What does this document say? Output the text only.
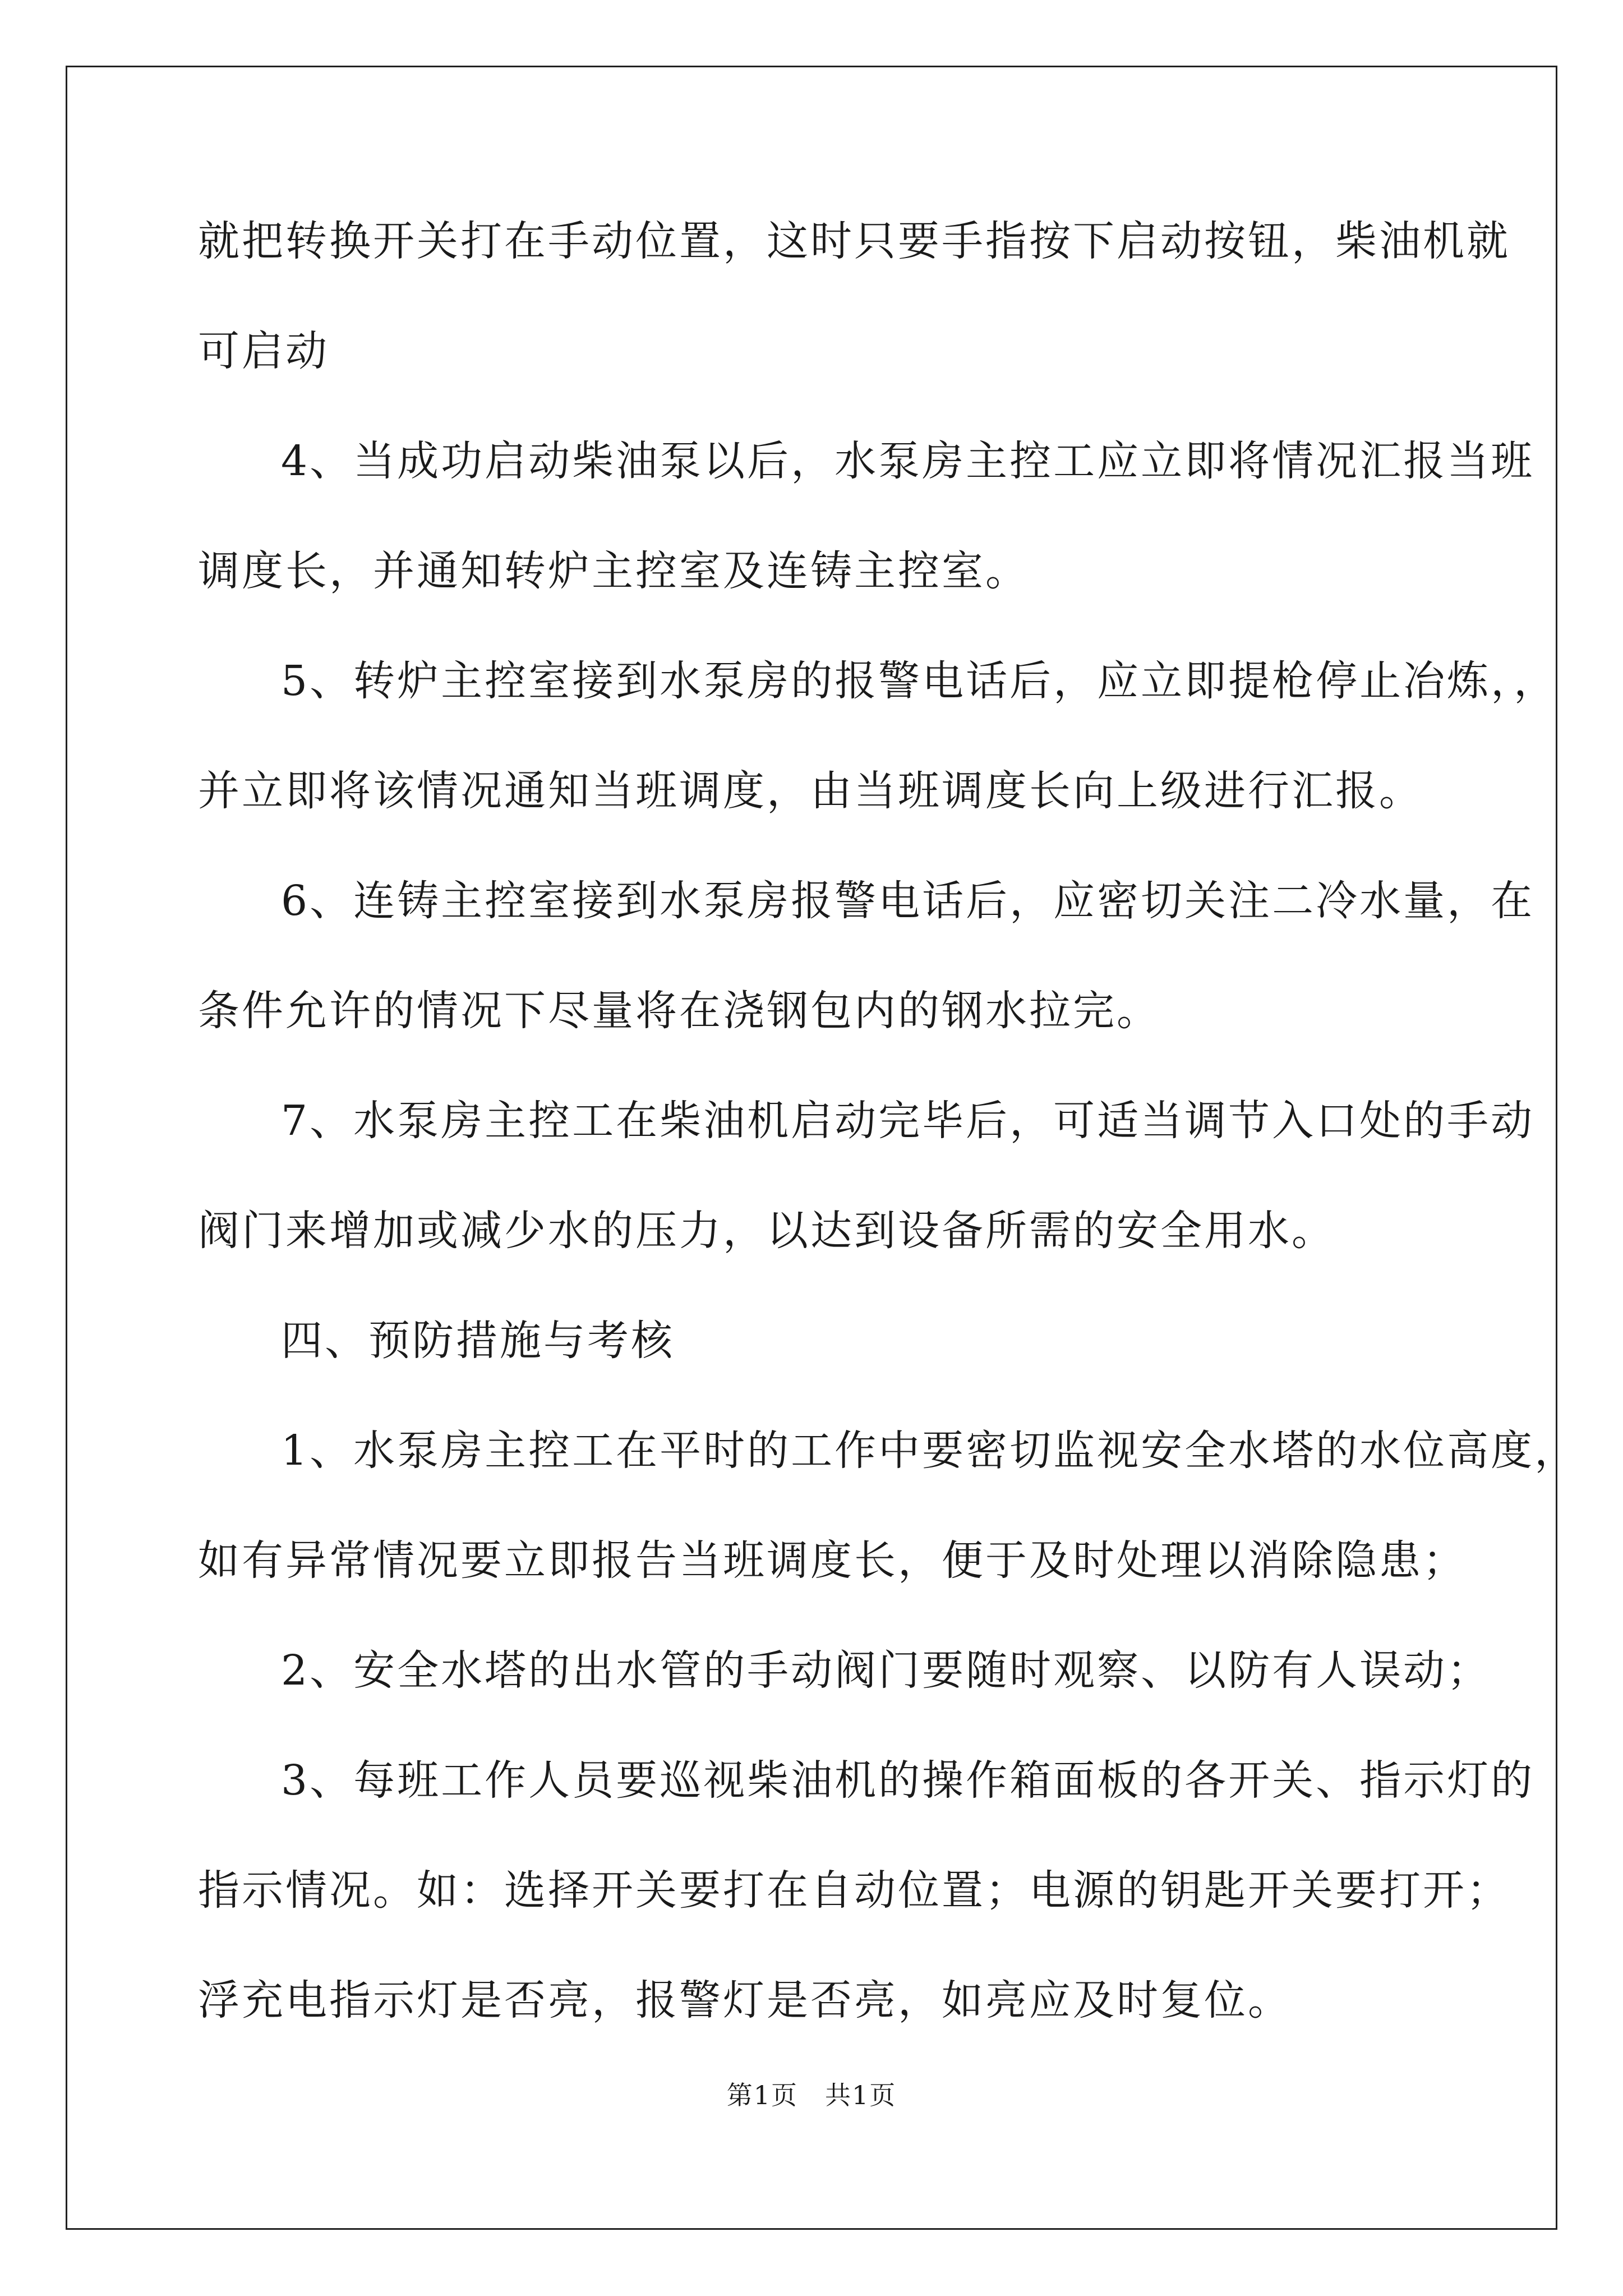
就把转换开关打在手动位置，这时只要手指按下启动按钮，柴油机就
可启动
4、当成功启动柴油泵以后，水泵房主控工应立即将情况汇报当班
调度长，并通知转炉主控室及连铸主控室。
5、转炉主控室接到水泵房的报警电话后，应立即提枪停止冶炼，，
并立即将该情况通知当班调度，由当班调度长向上级进行汇报。
6、连铸主控室接到水泵房报警电话后，应密切关注二冷水量，在
条件允许的情况下尽量将在浇钢包内的钢水拉完。
7、水泵房主控工在柴油机启动完毕后，可适当调节入口处的手动
阀门来增加或减少水的压力，以达到设备所需的安全用水。
四、预防措施与考核
1、水泵房主控工在平时的工作中要密切监视安全水塔的水位高度，
如有异常情况要立即报告当班调度长，便于及时处理以消除隐患；
2、安全水塔的出水管的手动阀门要随时观察、以防有人误动；
3、每班工作人员要巡视柴油机的操作箱面板的各开关、指示灯的
指示情况。如：选择开关要打在自动位置；电源的钥匙开关要打开；
浮充电指示灯是否亮，报警灯是否亮，如亮应及时复位。
第1页　共1页
